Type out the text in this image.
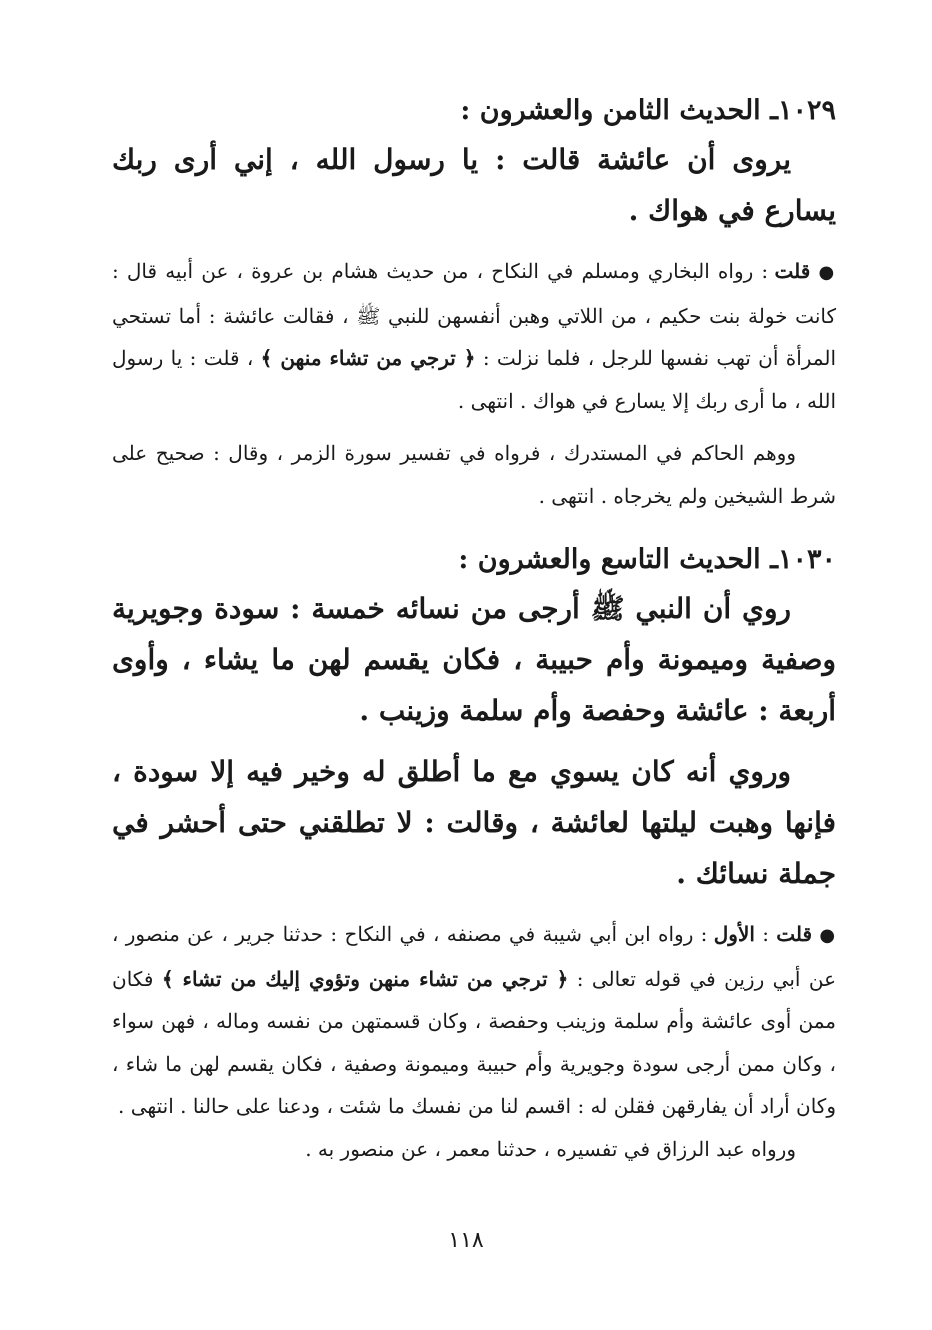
١٠٢٩ـ الحديث الثامن والعشرون :

يروى أن عائشة قالت : يا رسول الله ، إني أرى ربك يسارع في هواك .

● قلت : رواه البخاري ومسلم في النكاح ، من حديث هشام بن عروة ، عن أبيه قال : كانت خولة بنت حكيم ، من اللاتي وهبن أنفسهن للنبي ﷺ ، فقالت عائشة : أما تستحي المرأة أن تهب نفسها للرجل ، فلما نزلت : ﴿ ترجي من تشاء منهن ﴾ ، قلت : يا رسول الله ، ما أرى ربك إلا يسارع في هواك . انتهى .

ووهم الحاكم في المستدرك ، فرواه في تفسير سورة الزمر ، وقال : صحيح على شرط الشيخين ولم يخرجاه . انتهى .

١٠٣٠ـ الحديث التاسع والعشرون :

روي أن النبي ﷺ أرجى من نسائه خمسة : سودة وجويرية وصفية وميمونة وأم حبيبة ، فكان يقسم لهن ما يشاء ، وأوى أربعة : عائشة وحفصة وأم سلمة وزينب .

وروي أنه كان يسوي مع ما أطلق له وخير فيه إلا سودة ، فإنها وهبت ليلتها لعائشة ، وقالت : لا تطلقني حتى أحشر في جملة نسائك .

● قلت : الأول : رواه ابن أبي شيبة في مصنفه ، في النكاح : حدثنا جرير ، عن منصور ، عن أبي رزين في قوله تعالى : ﴿ ترجي من تشاء منهن وتؤوي إليك من تشاء ﴾ فكان ممن أوى عائشة وأم سلمة وزينب وحفصة ، وكان قسمتهن من نفسه وماله ، فهن سواء ، وكان ممن أرجى سودة وجويرية وأم حبيبة وميمونة وصفية ، فكان يقسم لهن ما شاء ، وكان أراد أن يفارقهن فقلن له : اقسم لنا من نفسك ما شئت ، ودعنا على حالنا . انتهى .

ورواه عبد الرزاق في تفسيره ، حدثنا معمر ، عن منصور به .

١١٨
